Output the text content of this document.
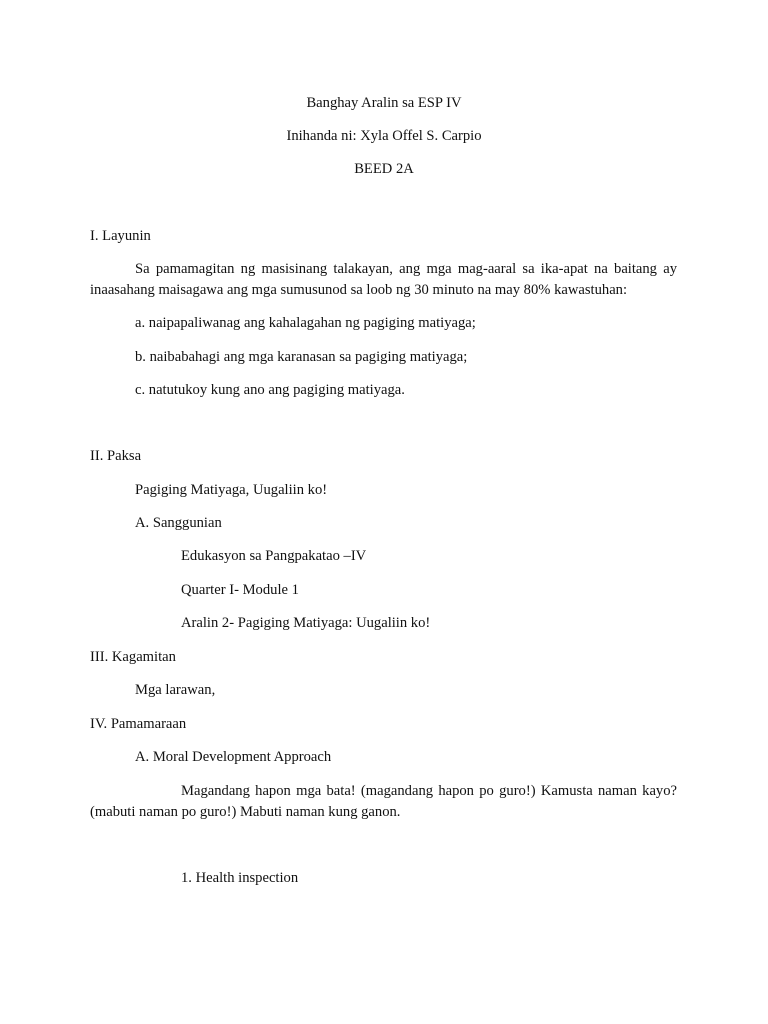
Banghay Aralin sa ESP IV
Inihanda ni: Xyla Offel S. Carpio
BEED 2A
I. Layunin
Sa pamamagitan ng masisinang talakayan, ang mga mag-aaral sa ika-apat na baitang ay inaasahang maisagawa ang mga sumusunod sa loob ng 30 minuto na may 80% kawastuhan:
a. naipapaliwanag ang kahalagahan ng pagiging matiyaga;
b. naibabahagi ang mga karanasan sa pagiging matiyaga;
c. natutukoy kung ano ang pagiging matiyaga.
II. Paksa
Pagiging Matiyaga, Uugaliin ko!
A. Sanggunian
Edukasyon sa Pangpakatao –IV
Quarter I- Module 1
Aralin 2- Pagiging Matiyaga: Uugaliin ko!
III. Kagamitan
Mga larawan,
IV. Pamamaraan
A. Moral Development Approach
Magandang hapon mga bata! (magandang hapon po guro!) Kamusta naman kayo? (mabuti naman po guro!) Mabuti naman kung ganon.
1. Health inspection
